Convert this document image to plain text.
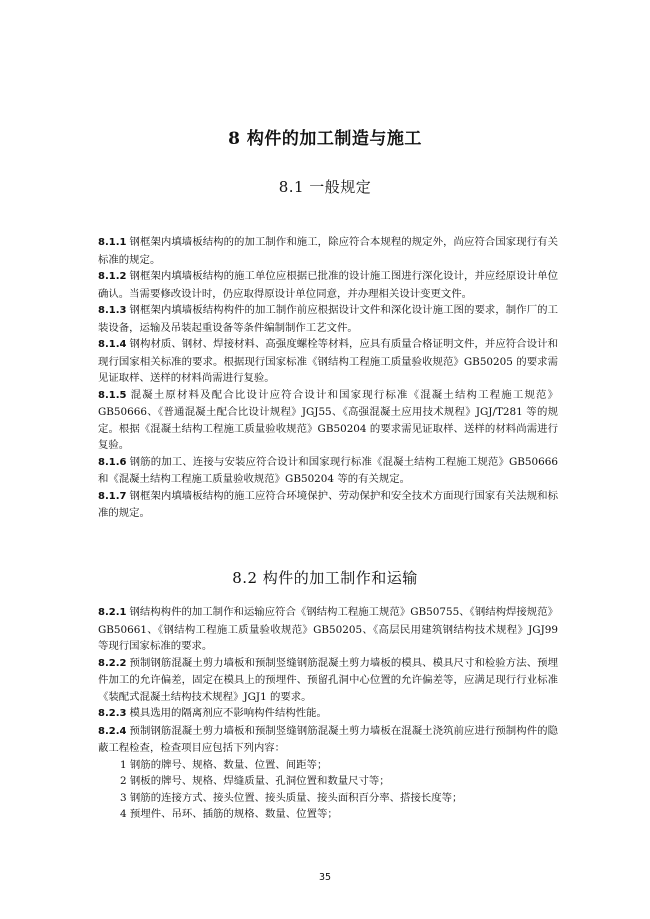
8 构件的加工制造与施工
8.1 一般规定

8.1.1 钢框架内填墙板结构的的加工制作和施工，除应符合本规程的规定外，尚应符合国家现行有关标准的规定。

8.1.2 钢框架内填墙板结构的施工单位应根据已批准的设计施工图进行深化设计，并应经原设计单位确认。当需要修改设计时，仍应取得原设计单位同意，并办理相关设计变更文件。

8.1.3 钢框架内填墙板结构构件的加工制作前应根据设计文件和深化设计施工图的要求，制作厂的工装设备，运输及吊装起重设备等条件编制制作工艺文件。

8.1.4 钢构材质、钢材、焊接材料、高强度螺栓等材料，应具有质量合格证明文件，并应符合设计和现行国家相关标准的要求。根据现行国家标准《钢结构工程施工质量验收规范》GB50205 的要求需见证取样、送样的材料尚需进行复验。

8.1.5 混凝土原材料及配合比设计应符合设计和国家现行标准《混凝土结构工程施工规范》GB50666、《普通混凝土配合比设计规程》JGJ55、《高强混凝土应用技术规程》JGJ/T281 等的规定。根据《混凝土结构工程施工质量验收规范》GB50204 的要求需见证取样、送样的材料尚需进行复验。

8.1.6 钢筋的加工、连接与安装应符合设计和国家现行标准《混凝土结构工程施工规范》GB50666 和《混凝土结构工程施工质量验收规范》GB50204 等的有关规定。

8.1.7 钢框架内填墙板结构的施工应符合环境保护、劳动保护和安全技术方面现行国家有关法规和标准的规定。

8.2 构件的加工制作和运输

8.2.1 钢结构构件的加工制作和运输应符合《钢结构工程施工规范》GB50755、《钢结构焊接规范》GB50661、《钢结构工程施工质量验收规范》GB50205、《高层民用建筑钢结构技术规程》JGJ99 等现行国家标准的要求。

8.2.2 预制钢筋混凝土剪力墙板和预制竖缝钢筋混凝土剪力墙板的模具、模具尺寸和检验方法、预埋件加工的允许偏差，固定在模具上的预埋件、预留孔洞中心位置的允许偏差等，应满足现行行业标准《装配式混凝土结构技术规程》JGJ1 的要求。

8.2.3 模具选用的隔离剂应不影响构件结构性能。

8.2.4 预制钢筋混凝土剪力墙板和预制竖缝钢筋混凝土剪力墙板在混凝土浇筑前应进行预制构件的隐蔽工程检查，检查项目应包括下列内容：

1 钢筋的牌号、规格、数量、位置、间距等；

2 钢板的牌号、规格、焊缝质量、孔洞位置和数量尺寸等；

3 钢筋的连接方式、接头位置、接头质量、接头面积百分率、搭接长度等；

4 预埋件、吊环、插筋的规格、数量、位置等；

35
